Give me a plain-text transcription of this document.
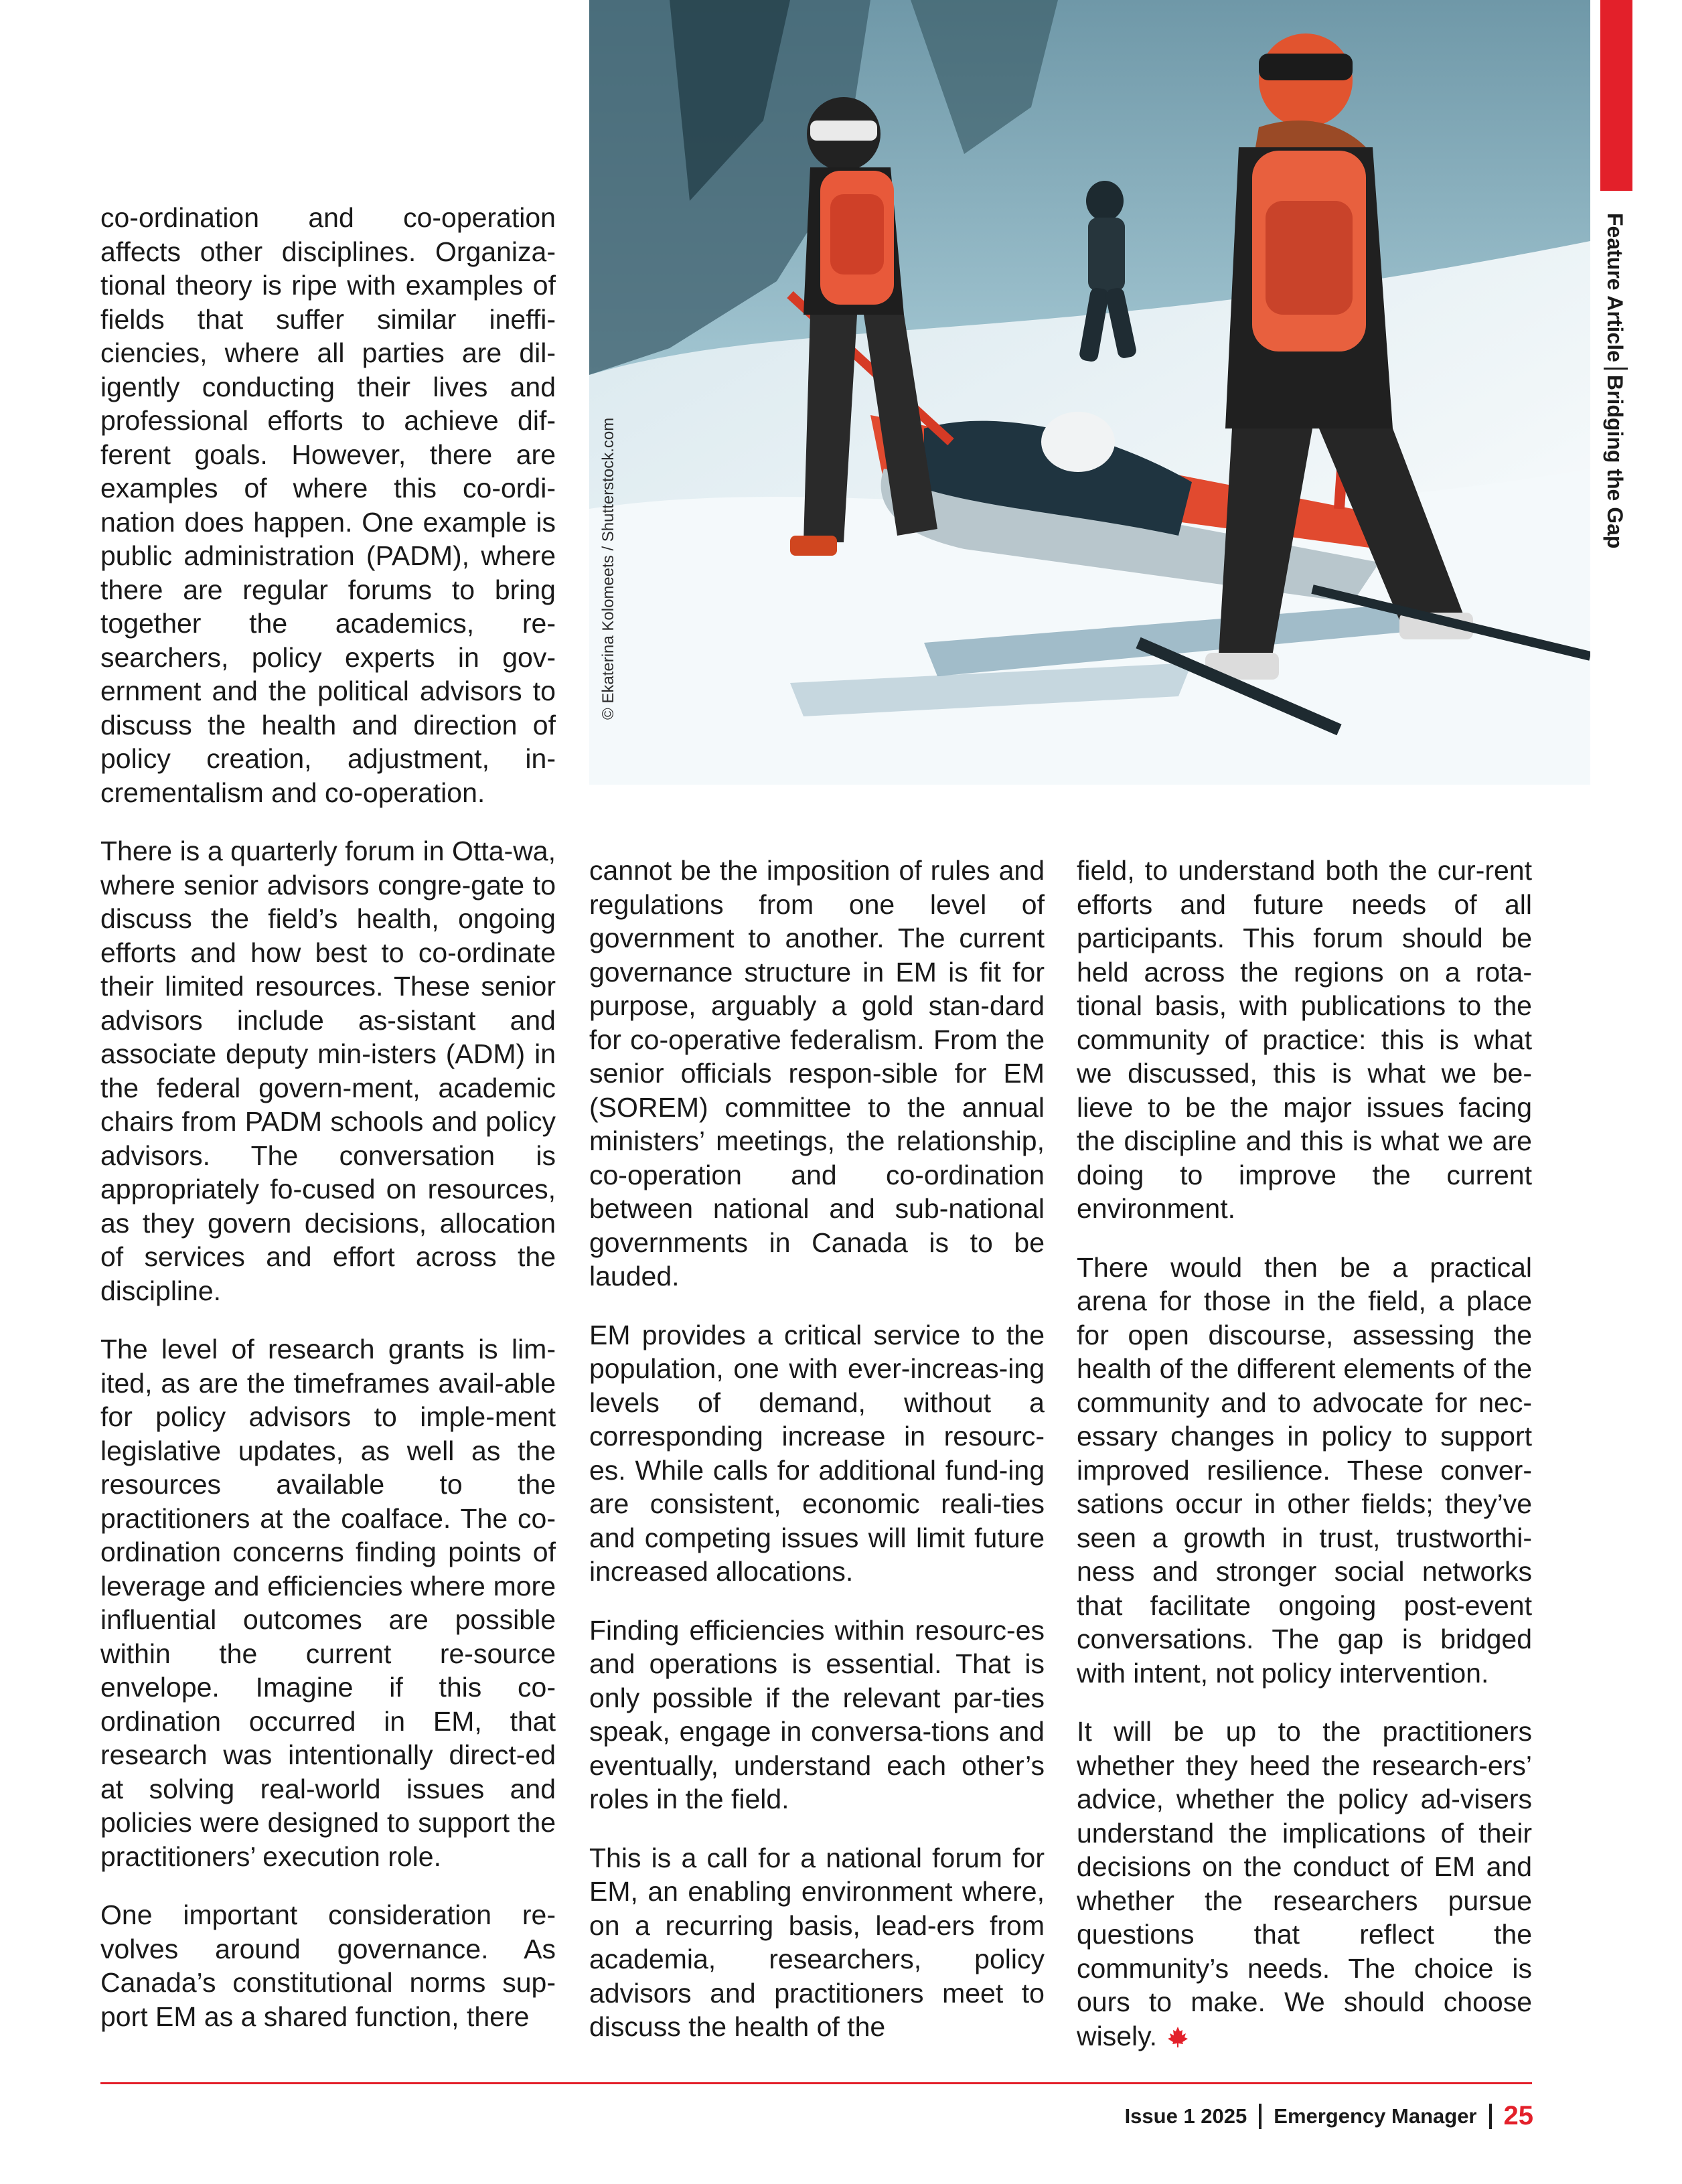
© Ekaterina Kolomeets / Shutterstock.com
Feature ArticleBridging the Gap

co-ordination and co-operation affects other disciplines. Organiza-tional theory is ripe with examples of fields that suffer similar ineffi-ciencies, where all parties are dil-igently conducting their lives and professional efforts to achieve dif-ferent goals. However, there are examples of where this co-ordi-nation does happen. One example is public administration (PADM), where there are regular forums to bring together the academics, re-searchers, policy experts in gov-ernment and the political advisors to discuss the health and direction of policy creation, adjustment, in-crementalism and co-operation.

There is a quarterly forum in Otta-wa, where senior advisors congre-gate to discuss the field’s health, ongoing efforts and how best to co-ordinate their limited resources. These senior advisors include as-sistant and associate deputy min-isters (ADM) in the federal govern-ment, academic chairs from PADM schools and policy advisors. The conversation is appropriately fo-cused on resources, as they govern decisions, allocation of services and effort across the discipline.

The level of research grants is lim-ited, as are the timeframes avail-able for policy advisors to imple-ment legislative updates, as well as the resources available to the practitioners at the coalface. The co-ordination concerns finding points of leverage and efficiencies where more influential outcomes are possible within the current re-source envelope. Imagine if this co-ordination occurred in EM, that research was intentionally direct-ed at solving real-world issues and policies were designed to support the practitioners’ execution role.

One important consideration re-volves around governance. As Canada’s constitutional norms sup-port EM as a shared function, there

cannot be the imposition of rules and regulations from one level of government to another. The current governance structure in EM is fit for purpose, arguably a gold stan-dard for co-operative federalism. From the senior officials respon-sible for EM (SOREM) committee to the annual ministers’ meetings, the relationship, co-operation and co-ordination between national and sub-national governments in Canada is to be lauded.

EM provides a critical service to the population, one with ever-increas-ing levels of demand, without a corresponding increase in resourc-es. While calls for additional fund-ing are consistent, economic reali-ties and competing issues will limit future increased allocations.

Finding efficiencies within resourc-es and operations is essential. That is only possible if the relevant par-ties speak, engage in conversa-tions and eventually, understand each other’s roles in the field.

This is a call for a national forum for EM, an enabling environment where, on a recurring basis, lead-ers from academia, researchers, policy advisors and practitioners meet to discuss the health of the

field, to understand both the cur-rent efforts and future needs of all participants. This forum should be held across the regions on a rota-tional basis, with publications to the community of practice: this is what we discussed, this is what we be-lieve to be the major issues facing the discipline and this is what we are doing to improve the current environment.

There would then be a practical arena for those in the field, a place for open discourse, assessing the health of the different elements of the community and to advocate for nec-essary changes in policy to support improved resilience. These conver-sations occur in other fields; they’ve seen a growth in trust, trustworthi-ness and stronger social networks that facilitate ongoing post-event conversations. The gap is bridged with intent, not policy intervention.

It will be up to the practitioners whether they heed the research-ers’ advice, whether the policy ad-visers understand the implications of their decisions on the conduct of EM and whether the researchers pursue questions that reflect the community’s needs. The choice is ours to make. We should choose wisely.

Issue 1 2025 Emergency Manager 25
